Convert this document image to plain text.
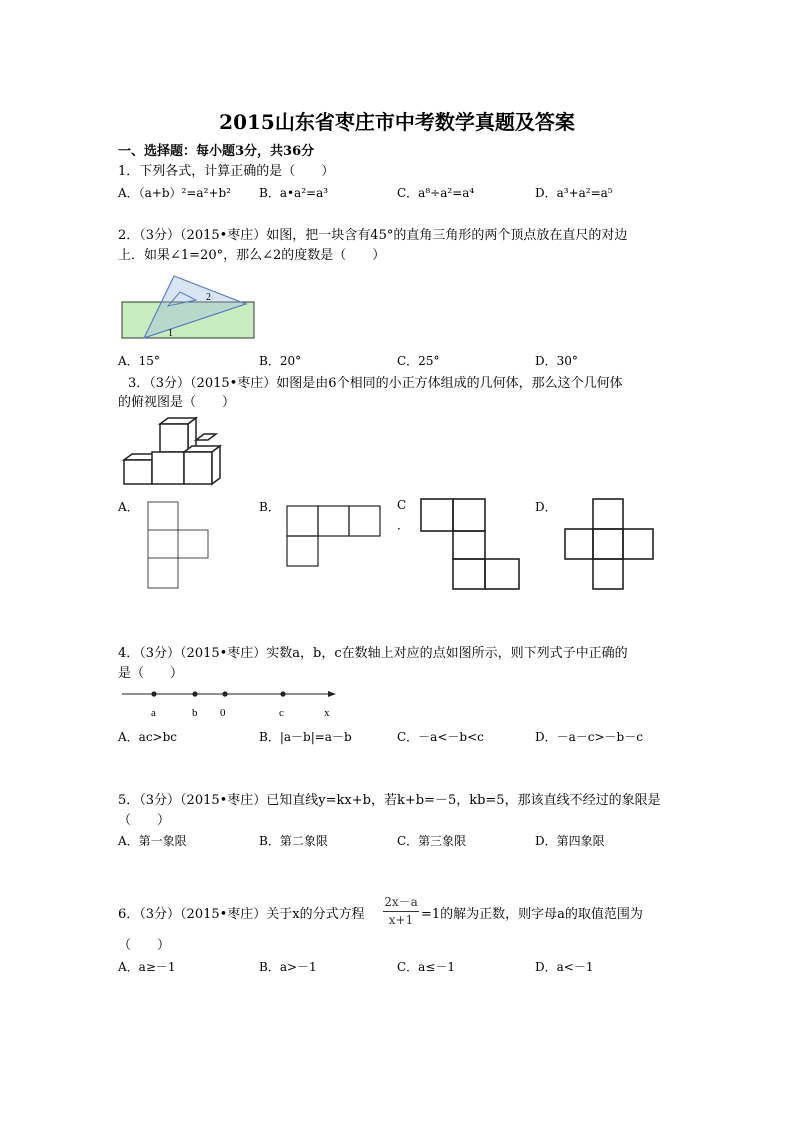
2015山东省枣庄市中考数学真题及答案
一、选择题：每小题3分，共36分
1．下列各式，计算正确的是（　　）
A．（a+b）²=a²+b² B．a•a²=a³	C．a⁸÷a²=a⁴	D．a³+a²=a⁵
2．（3分）（2015•枣庄）如图，把一块含有45°的直角三角形的两个顶点放在直尺的对边
上．如果∠1=20°，那么∠2的度数是（　　）
2
1
A．15°	B．20°	C．25°	D．30°
3．（3分）（2015•枣庄）如图是由6个相同的小正方体组成的几何体，那么这个几何体
的俯视图是（　　）
A．	B．	C
．
D．
4．（3分）（2015•枣庄）实数a，b，c在数轴上对应的点如图所示，则下列式子中正确的
是（　　）
a	b 0	c	x
A．ac>bc	B．|a－b|=a－b	C．－a<－b<c	D．－a－c>－b－c
5．（3分）（2015•枣庄）已知直线y=kx+b，若k+b=－5，kb=5，那该直线不经过的象限是
（　　）
A．第一象限	B．第二象限	C．第三象限	D．第四象限
6．（3分）（2015•枣庄）关于x的分式方程 $\frac{2x-a}{x+1} =1$的解为正数，则字母a的取值范围为
（　　）
A．a≥－1	B．a>－1	C．a≤－1	D．a<－1
